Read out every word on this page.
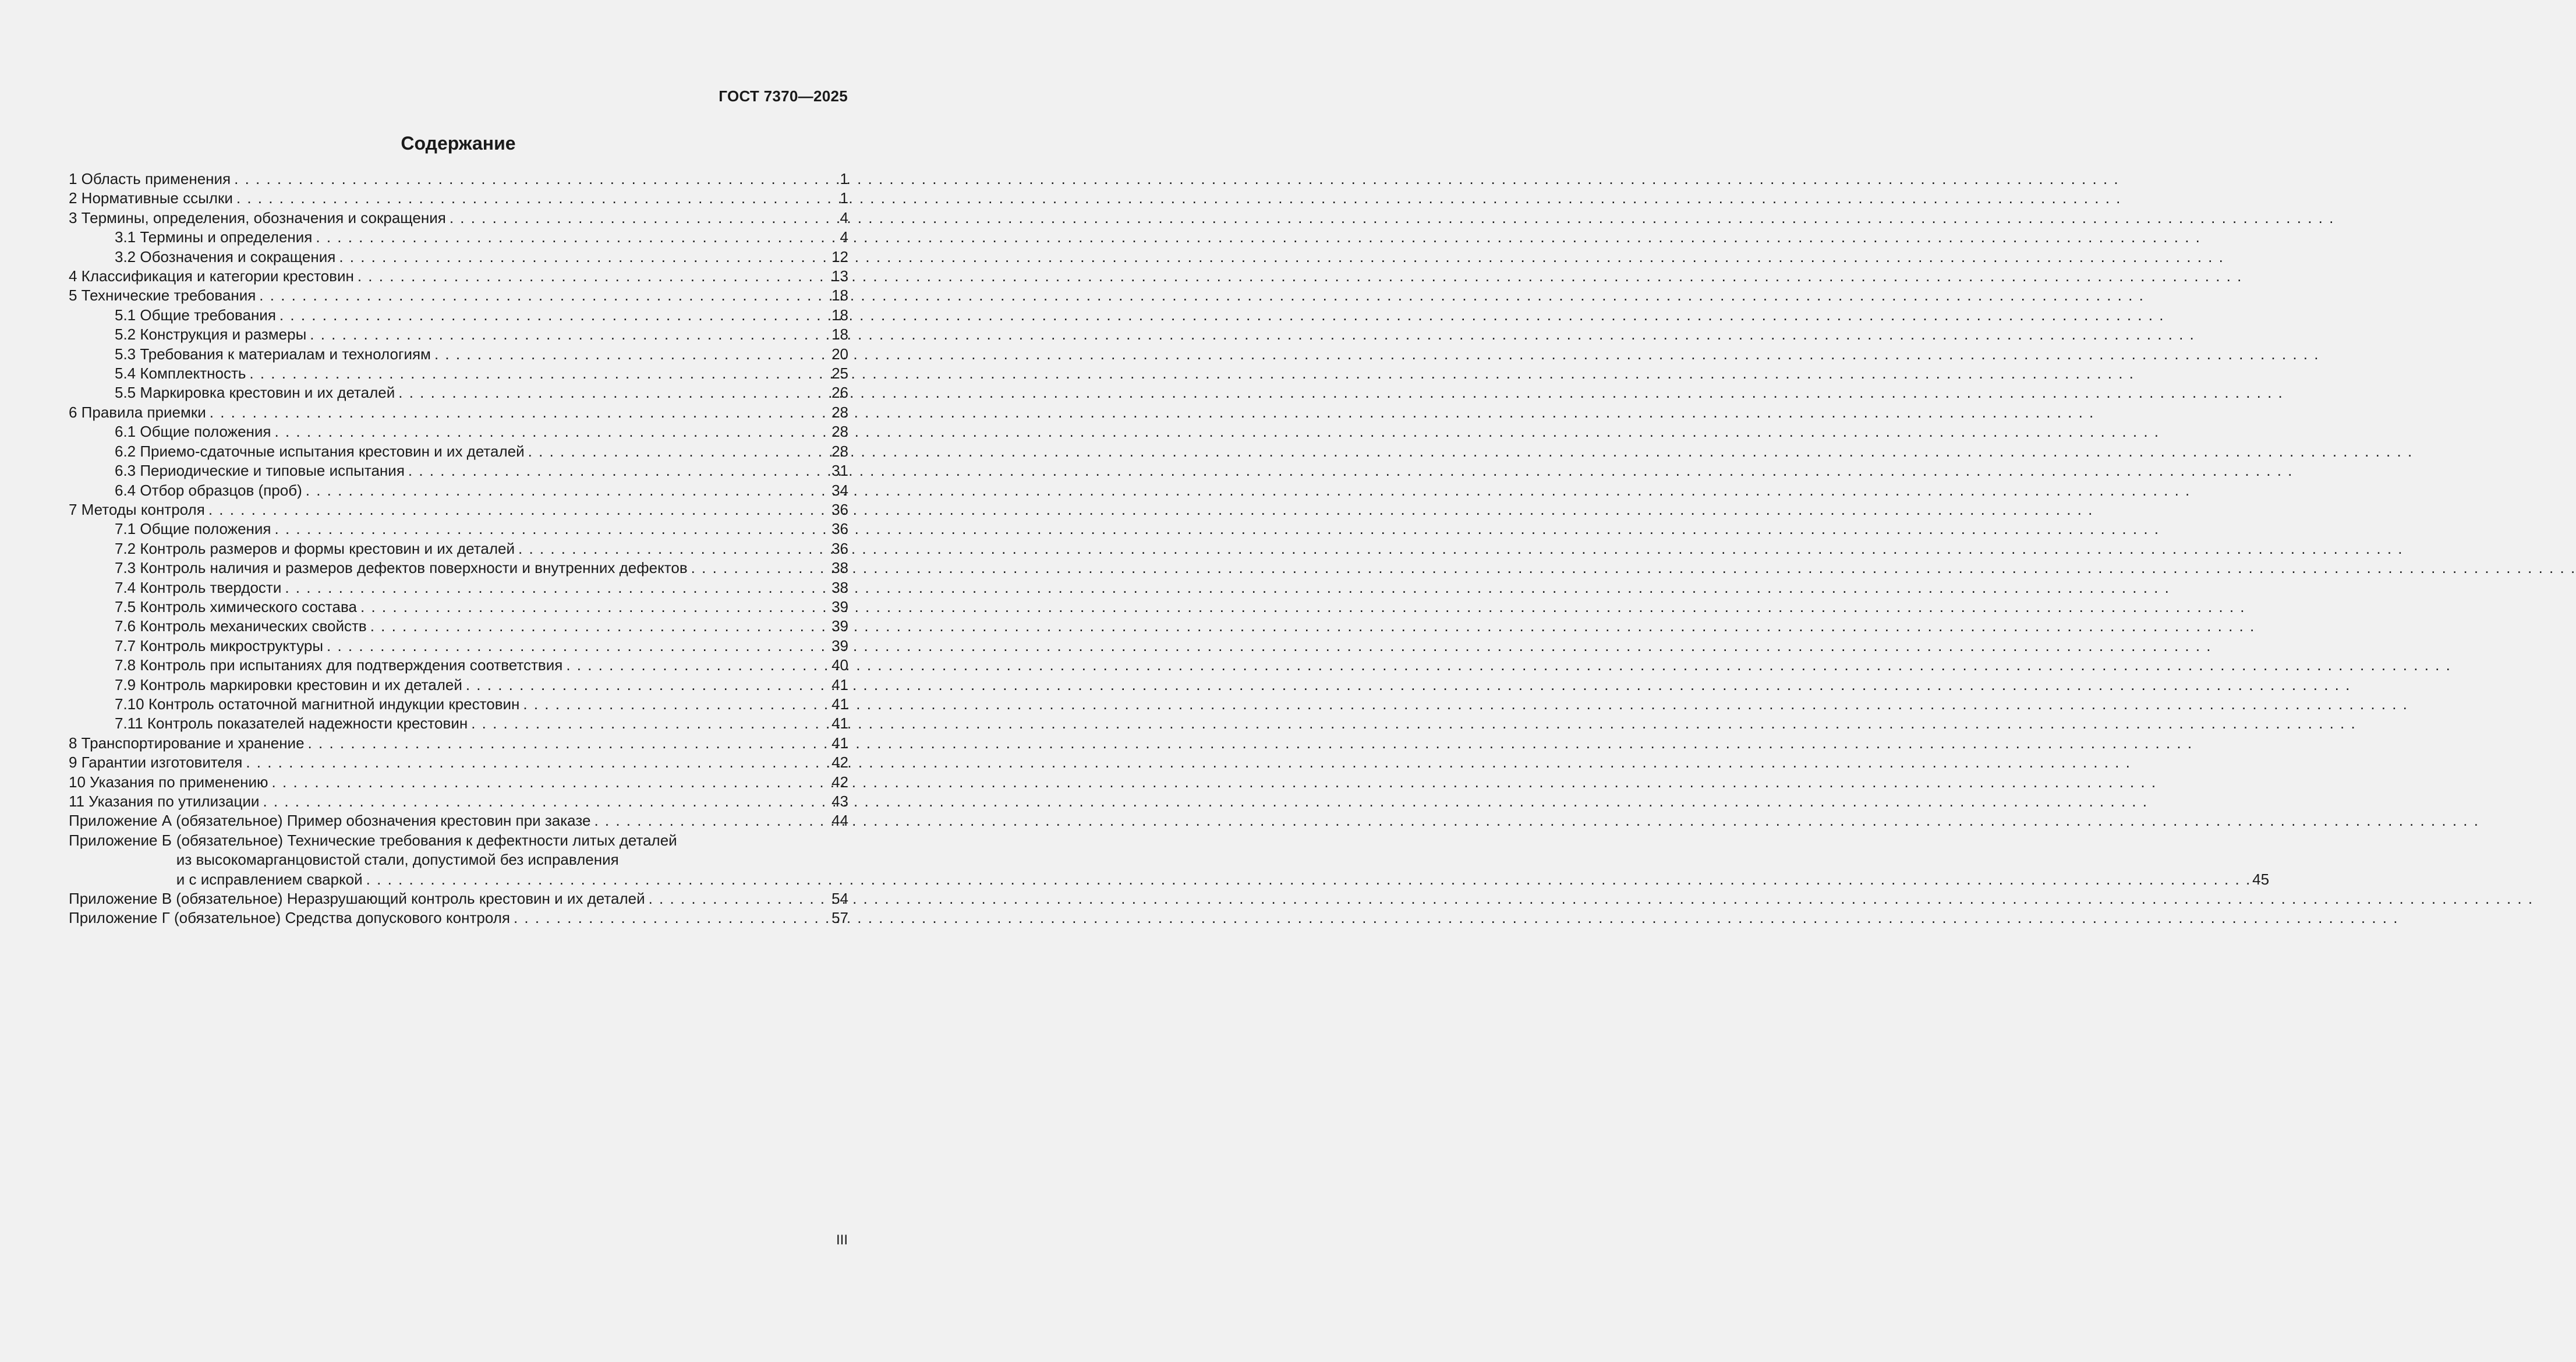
ГОСТ 7370—2025
Содержание
1 Область применения . . .	1
2 Нормативные ссылки . . .	1
3 Термины, определения, обозначения и сокращения . . .	4
3.1 Термины и определения . . .	4
3.2 Обозначения и сокращения . . .	12
4 Классификация и категории крестовин . . .	13
5 Технические требования . . .	18
5.1 Общие требования . . .	18
5.2 Конструкция и размеры . . .	18
5.3 Требования к материалам и технологиям . . .	20
5.4 Комплектность . . .	25
5.5 Маркировка крестовин и их деталей . . .	26
6 Правила приемки . . .	28
6.1 Общие положения . . .	28
6.2 Приемо-сдаточные испытания крестовин и их деталей . . .	28
6.3 Периодические и типовые испытания . . .	31
6.4 Отбор образцов (проб) . . .	34
7 Методы контроля . . .	36
7.1 Общие положения . . .	36
7.2 Контроль размеров и формы крестовин и их деталей . . .	36
7.3 Контроль наличия и размеров дефектов поверхности и внутренних дефектов . . .	38
7.4 Контроль твердости . . .	38
7.5 Контроль химического состава . . .	39
7.6 Контроль механических свойств . . .	39
7.7 Контроль микроструктуры . . .	39
7.8 Контроль при испытаниях для подтверждения соответствия . . .	40
7.9 Контроль маркировки крестовин и их деталей . . .	41
7.10 Контроль остаточной магнитной индукции крестовин . . .	41
7.11 Контроль показателей надежности крестовин . . .	41
8 Транспортирование и хранение . . .	41
9 Гарантии изготовителя . . .	42
10 Указания по применению . . .	42
11 Указания по утилизации . . .	43
Приложение А (обязательное) Пример обозначения крестовин при заказе . . .	44
Приложение Б (обязательное) Технические требования к дефектности литых деталей
из высокомарганцовистой стали, допустимой без исправления
и с исправлением сваркой . . .	45
Приложение В (обязательное) Неразрушающий контроль крестовин и их деталей . . .	54
Приложение Г (обязательное) Средства допускового контроля . . .	57
III
